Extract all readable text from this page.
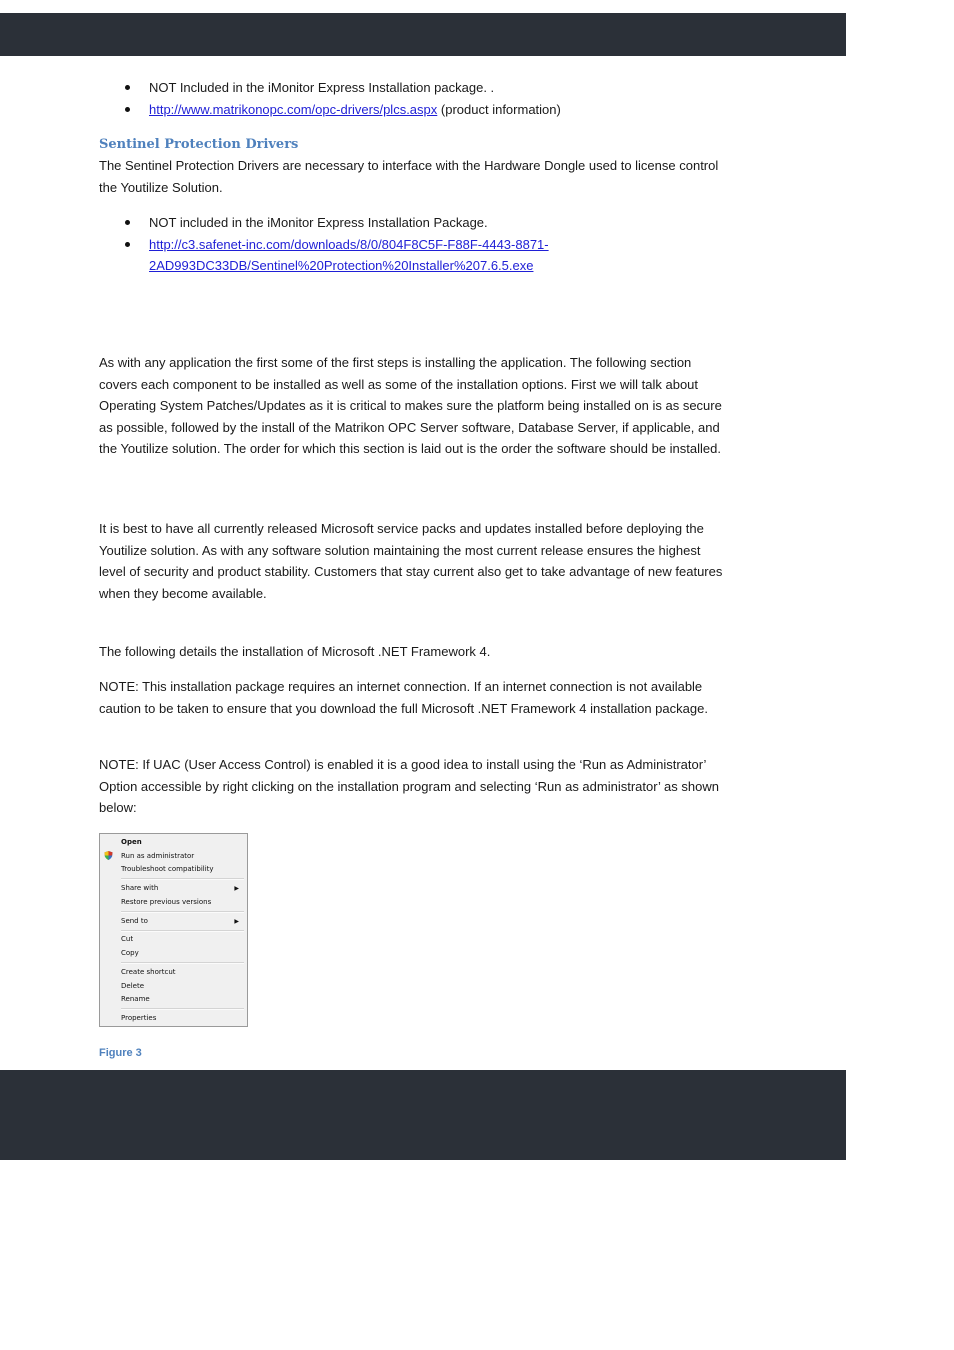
NOT Included in the iMonitor Express Installation package. .
http://www.matrikonopc.com/opc-drivers/plcs.aspx (product information)
Sentinel Protection Drivers

The Sentinel Protection Drivers are necessary to interface with the Hardware Dongle used to license control the Youtilize Solution.

NOT included in the iMonitor Express Installation Package.
http://c3.safenet-inc.com/downloads/8/0/804F8C5F-F88F-4443-8871-
2AD993DC33DB/Sentinel%20Protection%20Installer%207.6.5.exe

As with any application the first some of the first steps is installing the application. The following section covers each component to be installed as well as some of the installation options. First we will talk about Operating System Patches/Updates as it is critical to makes sure the platform being installed on is as secure as possible, followed by the install of the Matrikon OPC Server software, Database Server, if applicable, and the Youtilize solution. The order for which this section is laid out is the order the software should be installed.

It is best to have all currently released Microsoft service packs and updates installed before deploying the Youtilize solution. As with any software solution maintaining the most current release ensures the highest level of security and product stability. Customers that stay current also get to take advantage of new features when they become available.

The following details the installation of Microsoft .NET Framework 4.

NOTE: This installation package requires an internet connection. If an internet connection is not available caution to be taken to ensure that you download the full Microsoft .NET Framework 4 installation package.

NOTE: If UAC (User Access Control) is enabled it is a good idea to install using the ‘Run as Administrator’ Option accessible by right clicking on the installation program and selecting ‘Run as administrator’ as shown below:

Open
Run as administrator
Troubleshoot compatibility
Share with	▶
Restore previous versions
Send to	▶
Cut
Copy
Create shortcut
Delete
Rename
Properties
Figure 3
